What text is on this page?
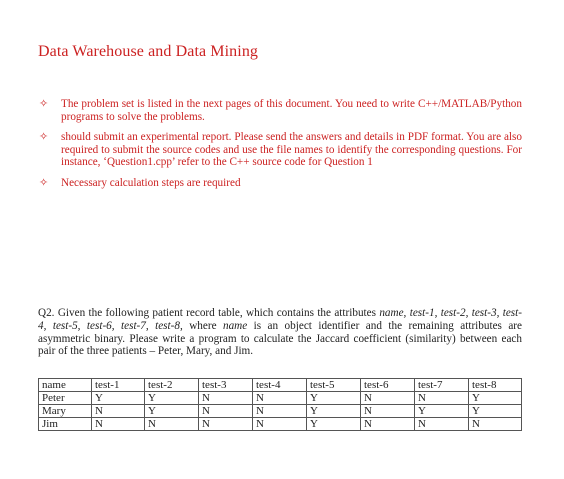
Data Warehouse and Data Mining
✧ The problem set is listed in the next pages of this document. You need to write C++/MATLAB/Python programs to solve the problems.
✧ should submit an experimental report. Please send the answers and details in PDF format. You are also required to submit the source codes and use the file names to identify the corresponding questions. For instance, ‘Question1.cpp’ refer to the C++ source code for Question 1
✧ Necessary calculation steps are required
Q2. Given the following patient record table, which contains the attributes name, test-1, test-2, test-3, test-4, test-5, test-6, test-7, test-8, where name is an object identifier and the remaining attributes are asymmetric binary. Please write a program to calculate the Jaccard coefficient (similarity) between each pair of the three patients – Peter, Mary, and Jim.
name	test-1	test-2	test-3	test-4	test-5	test-6	test-7	test-8
Peter	Y	Y	N	N	Y	N	N	Y
Mary	N	Y	N	N	Y	N	Y	Y
Jim	N	N	N	N	Y	N	N	N
